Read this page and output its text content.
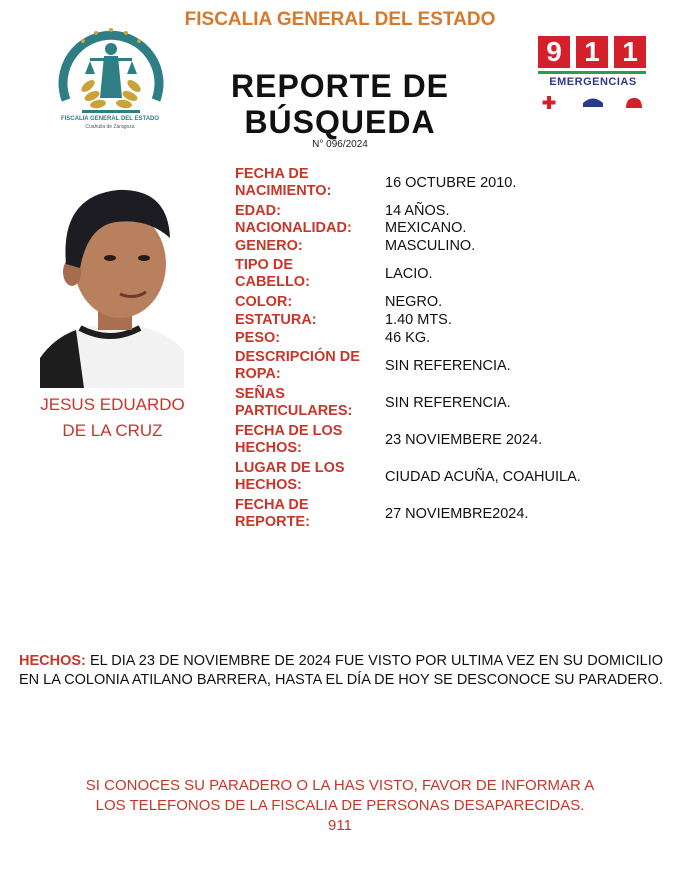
FISCALIA GENERAL DEL ESTADO
Coahuila de Zaragoza
FISCALIA GENERAL DEL ESTADO
REPORTE DE BÚSQUEDA
N° 096/2024
9 1 1
EMERGENCIAS
JESUS EDUARDO
DE LA CRUZ
FECHA DE NACIMIENTO:	16 OCTUBRE 2010.
EDAD:	14 AÑOS.
NACIONALIDAD:	MEXICANO.
GENERO:	MASCULINO.
TIPO DE CABELLO:	LACIO.
COLOR:	NEGRO.
ESTATURA:	1.40 MTS.
PESO:	46 KG.
DESCRIPCIÓN DE ROPA:	SIN REFERENCIA.
SEÑAS PARTICULARES:	SIN REFERENCIA.
FECHA DE LOS HECHOS:	23 NOVIEMBERE 2024.
LUGAR DE LOS HECHOS:	CIUDAD ACUÑA, COAHUILA.
FECHA DE REPORTE:	27 NOVIEMBRE2024.
HECHOS: EL DIA 23 DE NOVIEMBRE DE 2024 FUE VISTO POR ULTIMA VEZ EN SU DOMICILIO EN LA COLONIA ATILANO BARRERA, HASTA EL DÍA DE HOY SE DESCONOCE SU PARADERO.
SI CONOCES SU PARADERO O LA HAS VISTO, FAVOR DE INFORMAR A
LOS TELEFONOS DE LA FISCALIA DE PERSONAS DESAPARECIDAS.
911
